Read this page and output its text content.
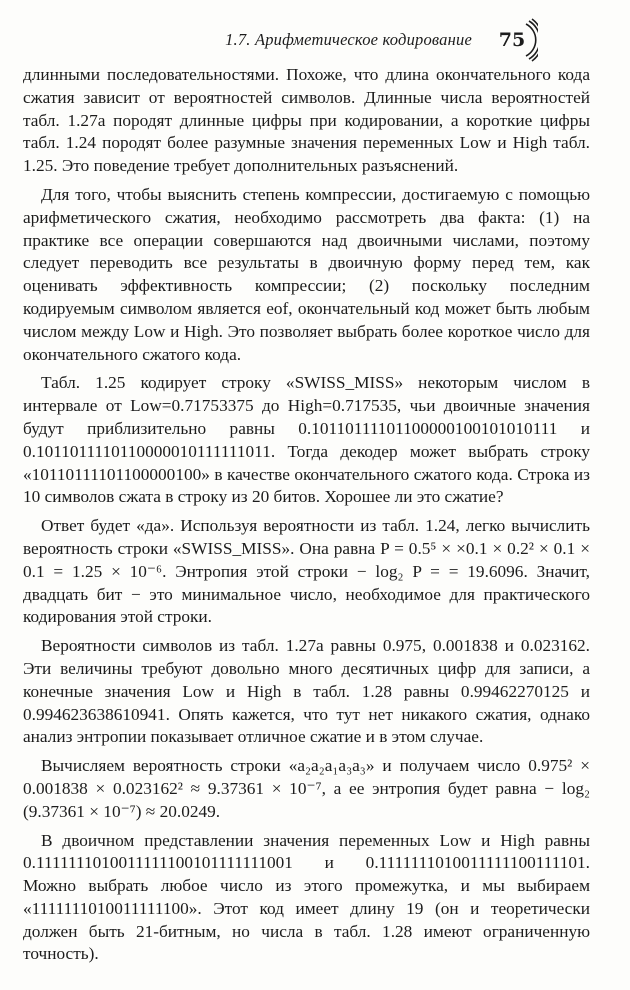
1.7. Арифметическое кодирование 75

длинными последовательностями. Похоже, что длина окончательного кода сжатия зависит от вероятностей символов. Длинные числа вероятностей табл. 1.27а породят длинные цифры при кодировании, а короткие цифры табл. 1.24 породят более разумные значения переменных Low и High табл. 1.25. Это поведение требует дополнительных разъяснений.

Для того, чтобы выяснить степень компрессии, достигаемую с помощью арифметического сжатия, необходимо рассмотреть два факта: (1) на практике все операции совершаются над двоичными числами, поэтому следует переводить все результаты в двоичную форму перед тем, как оценивать эффективность компрессии; (2) поскольку последним кодируемым символом является eof, окончательный код может быть любым числом между Low и High. Это позволяет выбрать более короткое число для окончательного сжатого кода.

Табл. 1.25 кодирует строку «SWISS_MISS» некоторым числом в интервале от Low=0.71753375 до High=0.717535, чьи двоичные значения будут приблизительно равны 0.10110111101100000100101010111 и 0.1011011110110000010111111011. Тогда декодер может выбрать строку «10110111101100000100» в качестве окончательного сжатого кода. Строка из 10 символов сжата в строку из 20 битов. Хорошее ли это сжатие?

Ответ будет «да». Используя вероятности из табл. 1.24, легко вычислить вероятность строки «SWISS_MISS». Она равна P = 0.5⁵ × ×0.1 × 0.2² × 0.1 × 0.1 = 1.25 × 10⁻⁶. Энтропия этой строки − log₂ P = = 19.6096. Значит, двадцать бит − это минимальное число, необходимое для практического кодирования этой строки.

Вероятности символов из табл. 1.27а равны 0.975, 0.001838 и 0.023162. Эти величины требуют довольно много десятичных цифр для записи, а конечные значения Low и High в табл. 1.28 равны 0.99462270125 и 0.994623638610941. Опять кажется, что тут нет никакого сжатия, однако анализ энтропии показывает отличное сжатие и в этом случае.

Вычисляем вероятность строки «a₂a₂a₁a₃a₃» и получаем число 0.975² × 0.001838 × 0.023162² ≈ 9.37361 × 10⁻⁷, а ее энтропия будет равна − log₂ (9.37361 × 10⁻⁷) ≈ 20.0249.

В двоичном представлении значения переменных Low и High равны 0.1111111010011111100101111111001 и 0.1111111010011111100111101. Можно выбрать любое число из этого промежутка, и мы выбираем «1111111010011111100». Этот код имеет длину 19 (он и теоретически должен быть 21-битным, но числа в табл. 1.28 имеют ограниченную точность).
